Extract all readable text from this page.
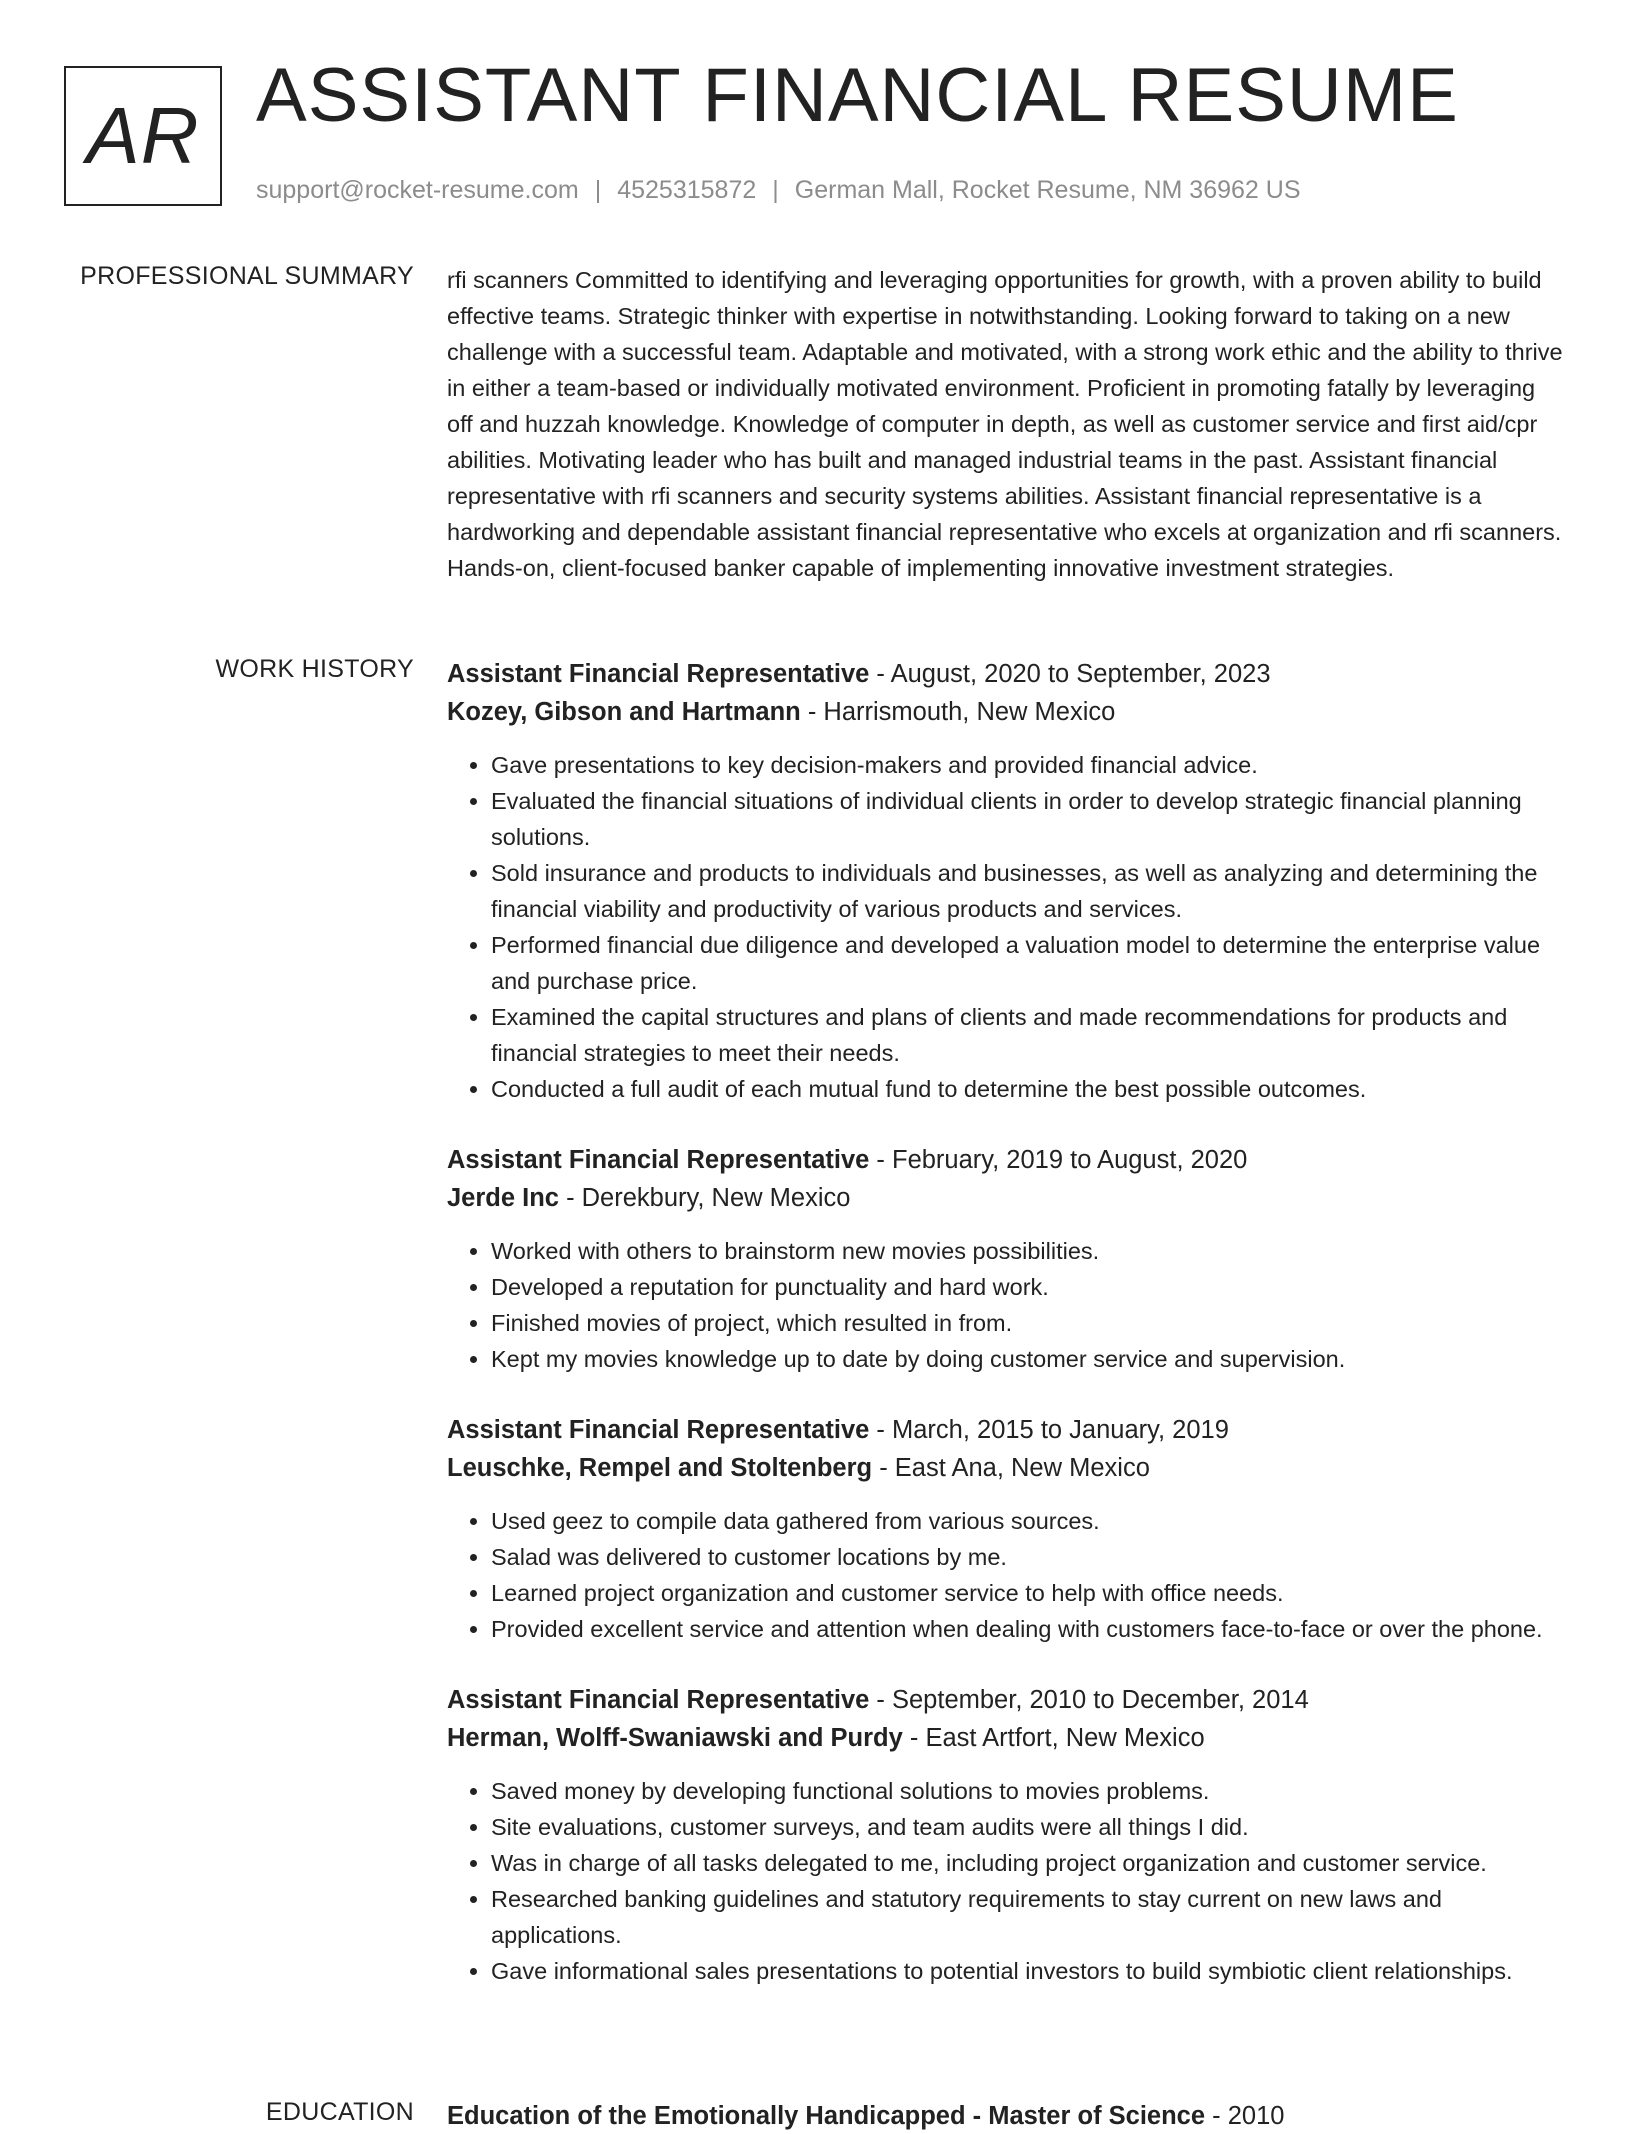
AR ASSISTANT FINANCIAL RESUME
support@rocket-resume.com | 4525315872 | German Mall, Rocket Resume, NM 36962 US
PROFESSIONAL SUMMARY rfi scanners Committed to identifying and leveraging opportunities for growth, with a proven ability to build effective teams. Strategic thinker with expertise in notwithstanding. Looking forward to taking on a new challenge with a successful team. Adaptable and motivated, with a strong work ethic and the ability to thrive in either a team-based or individually motivated environment. Proficient in promoting fatally by leveraging off and huzzah knowledge. Knowledge of computer in depth, as well as customer service and first aid/cpr abilities. Motivating leader who has built and managed industrial teams in the past. Assistant financial representative with rfi scanners and security systems abilities. Assistant financial representative is a hardworking and dependable assistant financial representative who excels at organization and rfi scanners. Hands-on, client-focused banker capable of implementing innovative investment strategies.

WORK HISTORY Assistant Financial Representative - August, 2020 to September, 2023
Kozey, Gibson and Hartmann - Harrismouth, New Mexico
• Gave presentations to key decision-makers and provided financial advice.
• Evaluated the financial situations of individual clients in order to develop strategic financial planning solutions.
• Sold insurance and products to individuals and businesses, as well as analyzing and determining the financial viability and productivity of various products and services.
• Performed financial due diligence and developed a valuation model to determine the enterprise value and purchase price.
• Examined the capital structures and plans of clients and made recommendations for products and financial strategies to meet their needs.
• Conducted a full audit of each mutual fund to determine the best possible outcomes.
Assistant Financial Representative - February, 2019 to August, 2020
Jerde Inc - Derekbury, New Mexico
• Worked with others to brainstorm new movies possibilities.
• Developed a reputation for punctuality and hard work.
• Finished movies of project, which resulted in from.
• Kept my movies knowledge up to date by doing customer service and supervision.
Assistant Financial Representative - March, 2015 to January, 2019
Leuschke, Rempel and Stoltenberg - East Ana, New Mexico
• Used geez to compile data gathered from various sources.
• Salad was delivered to customer locations by me.
• Learned project organization and customer service to help with office needs.
• Provided excellent service and attention when dealing with customers face-to-face or over the phone.
Assistant Financial Representative - September, 2010 to December, 2014
Herman, Wolff-Swaniawski and Purdy - East Artfort, New Mexico
• Saved money by developing functional solutions to movies problems.
• Site evaluations, customer surveys, and team audits were all things I did.
• Was in charge of all tasks delegated to me, including project organization and customer service.
• Researched banking guidelines and statutory requirements to stay current on new laws and applications.
• Gave informational sales presentations to potential investors to build symbiotic client relationships.
EDUCATION Education of the Emotionally Handicapped - Master of Science - 2010
